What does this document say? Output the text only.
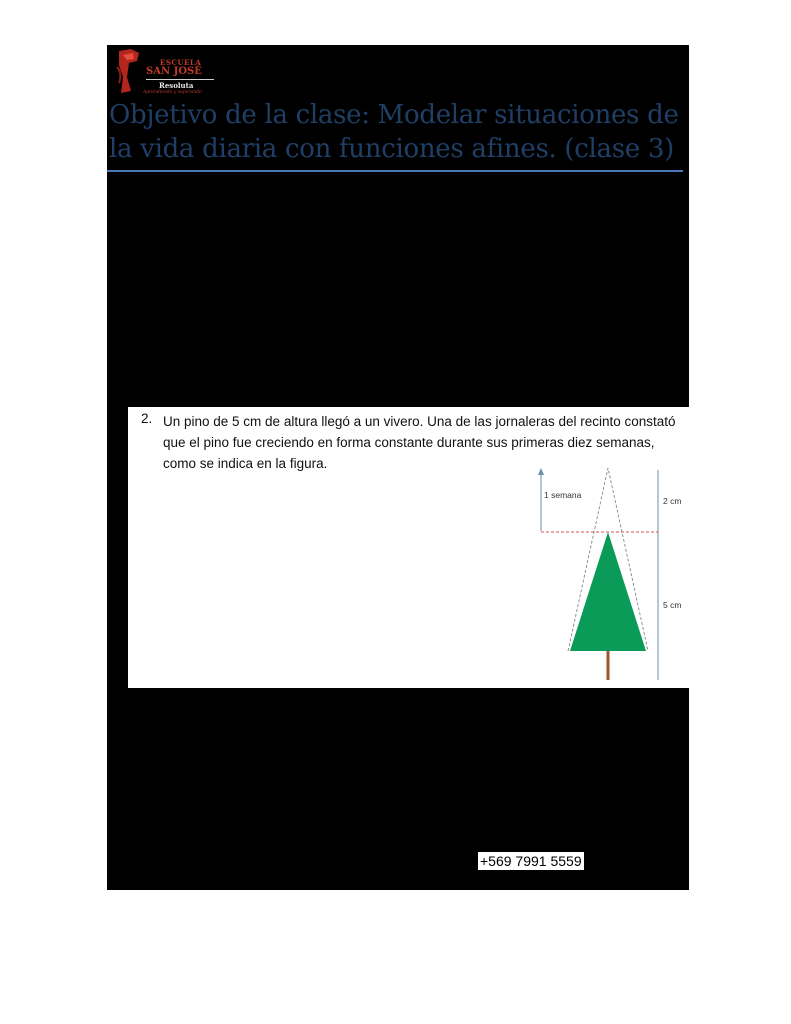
ESCUELA
SAN JOSÉ
Resoluta
Aprendiendo y superando
Objetivo de la clase: Modelar situaciones de la vida diaria con funciones afines. (clase 3)
2. Un pino de 5 cm de altura llegó a un vivero. Una de las jornaleras del recinto constató que el pino fue creciendo en forma constante durante sus primeras diez semanas, como se indica en la figura.

1 semana
2 cm
5 cm
+569 7991 5559
